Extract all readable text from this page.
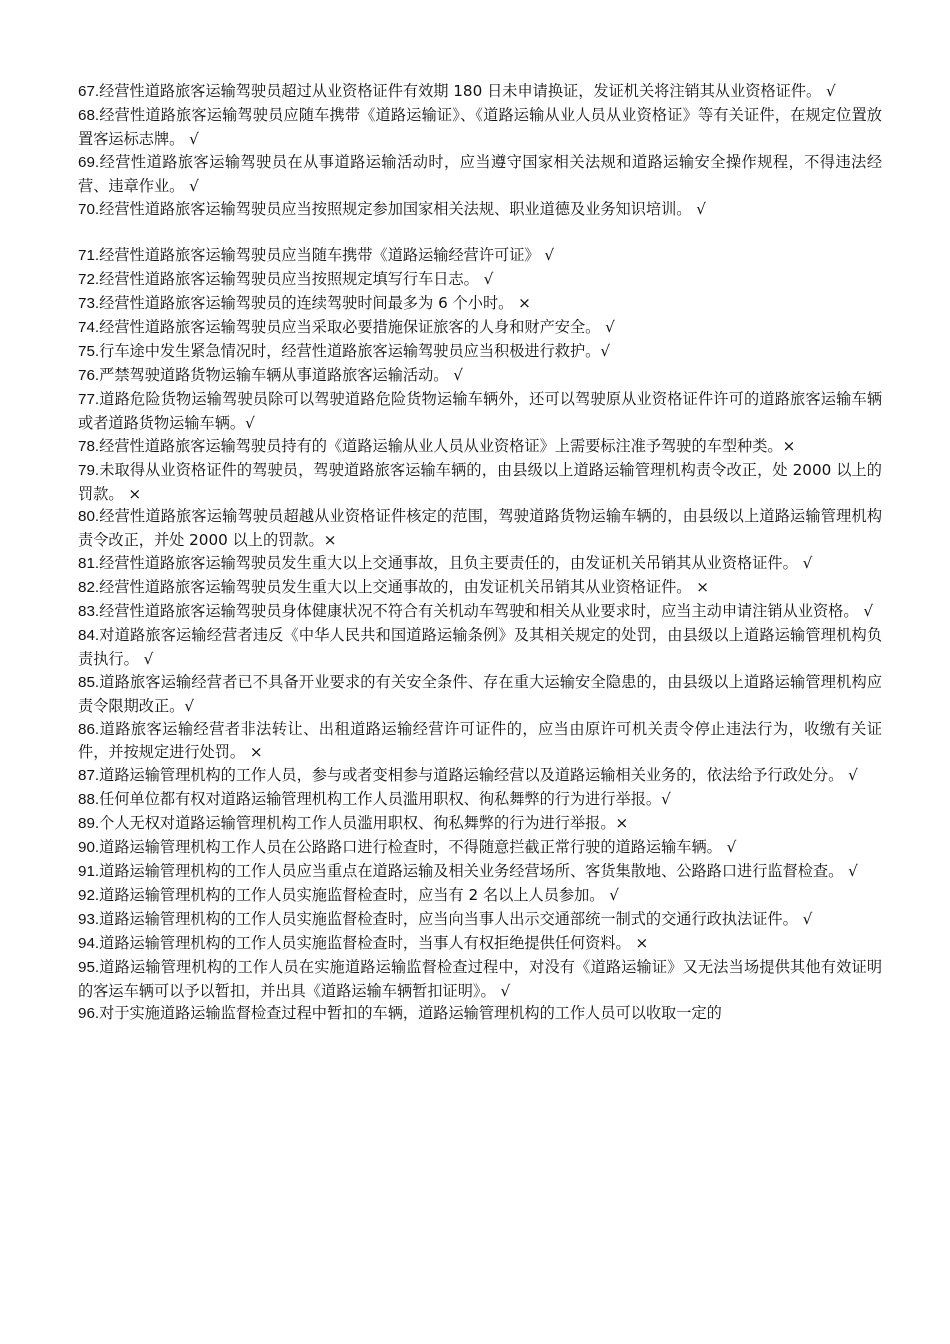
67.经营性道路旅客运输驾驶员超过从业资格证件有效期 180 日未申请换证，发证机关将注销其从业资格证件。 √

68.经营性道路旅客运输驾驶员应随车携带《道路运输证》、《道路运输从业人员从业资格证》等有关证件，在规定位置放置客运标志牌。 √

69.经营性道路旅客运输驾驶员在从事道路运输活动时，应当遵守国家相关法规和道路运输安全操作规程，不得违法经营、违章作业。 √

70.经营性道路旅客运输驾驶员应当按照规定参加国家相关法规、职业道德及业务知识培训。 √

71.经营性道路旅客运输驾驶员应当随车携带《道路运输经营许可证》 √

72.经营性道路旅客运输驾驶员应当按照规定填写行车日志。 √

73.经营性道路旅客运输驾驶员的连续驾驶时间最多为 6 个小时。 ×

74.经营性道路旅客运输驾驶员应当采取必要措施保证旅客的人身和财产安全。 √

75.行车途中发生紧急情况时，经营性道路旅客运输驾驶员应当积极进行救护。√

76.严禁驾驶道路货物运输车辆从事道路旅客运输活动。 √

77.道路危险货物运输驾驶员除可以驾驶道路危险货物运输车辆外，还可以驾驶原从业资格证件许可的道路旅客运输车辆或者道路货物运输车辆。√

78.经营性道路旅客运输驾驶员持有的《道路运输从业人员从业资格证》上需要标注准予驾驶的车型种类。×

79.未取得从业资格证件的驾驶员，驾驶道路旅客运输车辆的，由县级以上道路运输管理机构责令改正，处 2000 以上的罚款。 ×

80.经营性道路旅客运输驾驶员超越从业资格证件核定的范围，驾驶道路货物运输车辆的，由县级以上道路运输管理机构责令改正，并处 2000 以上的罚款。×

81.经营性道路旅客运输驾驶员发生重大以上交通事故，且负主要责任的，由发证机关吊销其从业资格证件。 √

82.经营性道路旅客运输驾驶员发生重大以上交通事故的，由发证机关吊销其从业资格证件。 ×

83.经营性道路旅客运输驾驶员身体健康状况不符合有关机动车驾驶和相关从业要求时，应当主动申请注销从业资格。 √

84.对道路旅客运输经营者违反《中华人民共和国道路运输条例》及其相关规定的处罚，由县级以上道路运输管理机构负责执行。 √

85.道路旅客运输经营者已不具备开业要求的有关安全条件、存在重大运输安全隐患的，由县级以上道路运输管理机构应责令限期改正。√

86.道路旅客运输经营者非法转让、出租道路运输经营许可证件的，应当由原许可机关责令停止违法行为，收缴有关证件，并按规定进行处罚。 ×

87.道路运输管理机构的工作人员，参与或者变相参与道路运输经营以及道路运输相关业务的，依法给予行政处分。 √

88.任何单位都有权对道路运输管理机构工作人员滥用职权、徇私舞弊的行为进行举报。√

89.个人无权对道路运输管理机构工作人员滥用职权、徇私舞弊的行为进行举报。×

90.道路运输管理机构工作人员在公路路口进行检查时，不得随意拦截正常行驶的道路运输车辆。 √

91.道路运输管理机构的工作人员应当重点在道路运输及相关业务经营场所、客货集散地、公路路口进行监督检查。 √

92.道路运输管理机构的工作人员实施监督检查时，应当有 2 名以上人员参加。 √

93.道路运输管理机构的工作人员实施监督检查时，应当向当事人出示交通部统一制式的交通行政执法证件。 √

94.道路运输管理机构的工作人员实施监督检查时，当事人有权拒绝提供任何资料。 ×

95.道路运输管理机构的工作人员在实施道路运输监督检查过程中，对没有《道路运输证》又无法当场提供其他有效证明的客运车辆可以予以暂扣，并出具《道路运输车辆暂扣证明》。 √

96.对于实施道路运输监督检查过程中暂扣的车辆，道路运输管理机构的工作人员可以收取一定的
